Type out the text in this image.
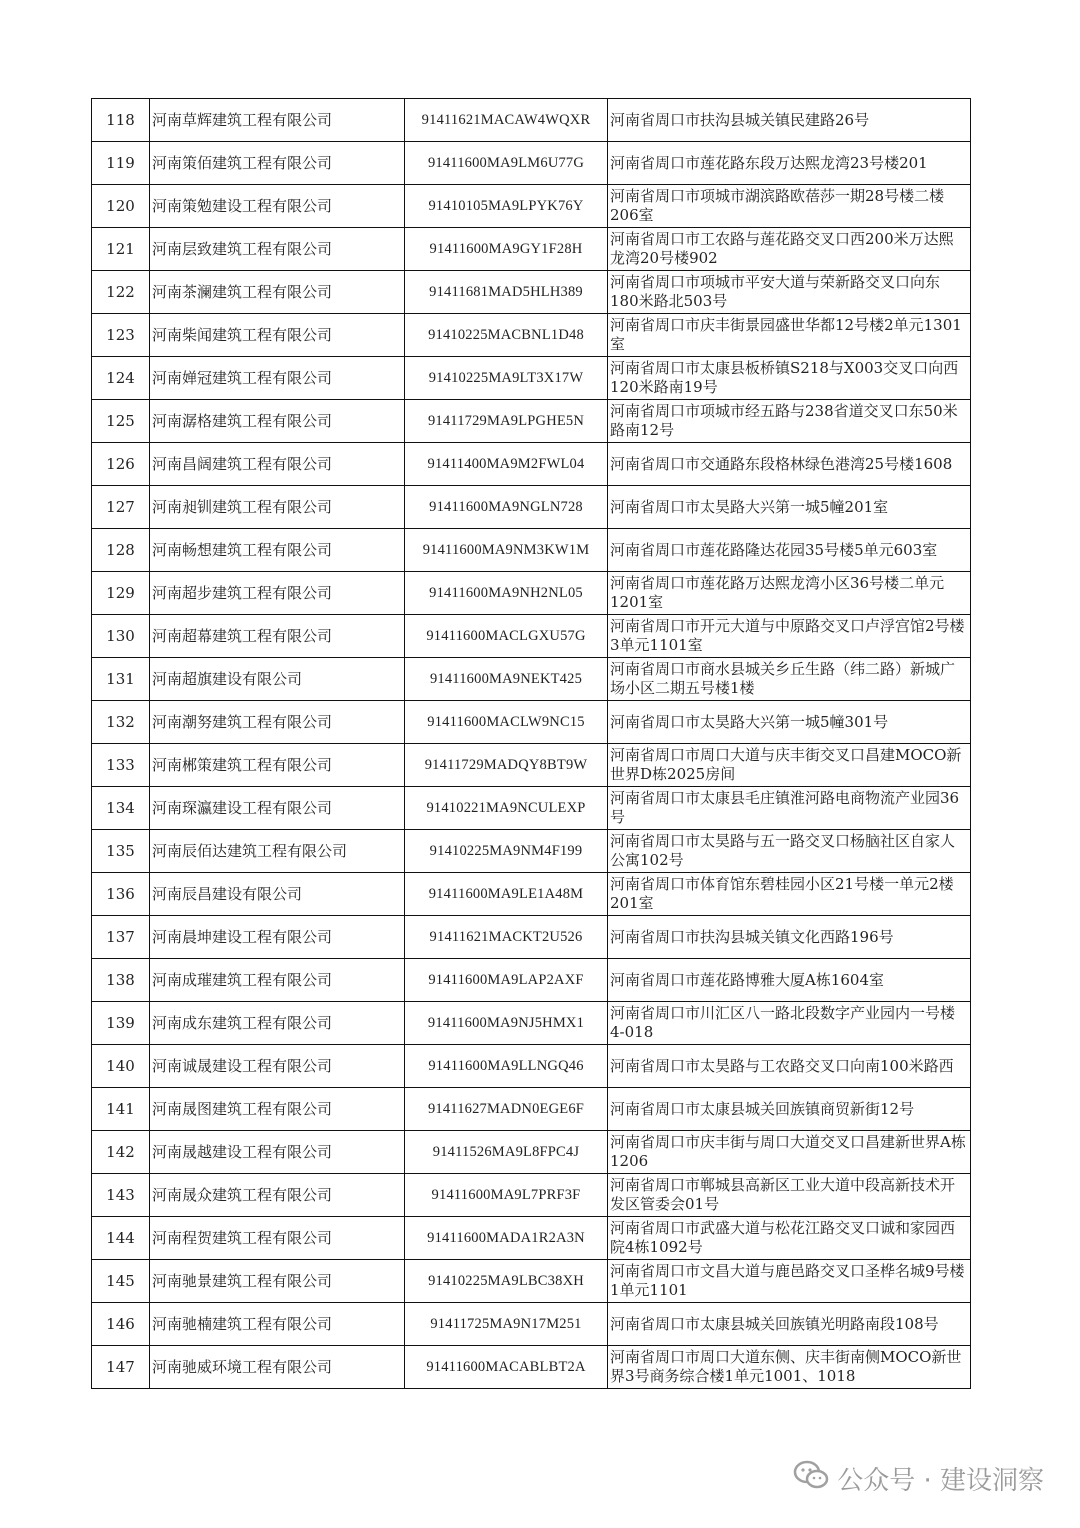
118	河南草辉建筑工程有限公司	91411621MACAW4WQXR	河南省周口市扶沟县城关镇民建路26号
119	河南策佰建筑工程有限公司	91411600MA9LM6U77G	河南省周口市莲花路东段万达熙龙湾23号楼201
120	河南策勉建设工程有限公司	91410105MA9LPYK76Y	河南省周口市项城市湖滨路欧蓓莎一期28号楼二楼206室
121	河南层致建筑工程有限公司	91411600MA9GY1F28H	河南省周口市工农路与莲花路交叉口西200米万达熙龙湾20号楼902
122	河南茶澜建筑工程有限公司	91411681MAD5HLH389	河南省周口市项城市平安大道与荣新路交叉口向东180米路北503号
123	河南柴闻建筑工程有限公司	91410225MACBNL1D48	河南省周口市庆丰街景园盛世华都12号楼2单元1301室
124	河南婵冠建筑工程有限公司	91410225MA9LT3X17W	河南省周口市太康县板桥镇S218与X003交叉口向西120米路南19号
125	河南潺格建筑工程有限公司	91411729MA9LPGHE5N	河南省周口市项城市经五路与238省道交叉口东50米路南12号
126	河南昌阔建筑工程有限公司	91411400MA9M2FWL04	河南省周口市交通路东段格林绿色港湾25号楼1608
127	河南昶钏建筑工程有限公司	91411600MA9NGLN728	河南省周口市太昊路大兴第一城5幢201室
128	河南畅想建筑工程有限公司	91411600MA9NM3KW1M	河南省周口市莲花路隆达花园35号楼5单元603室
129	河南超步建筑工程有限公司	91411600MA9NH2NL05	河南省周口市莲花路万达熙龙湾小区36号楼二单元1201室
130	河南超幕建筑工程有限公司	91411600MACLGXU57G	河南省周口市开元大道与中原路交叉口卢浮宫馆2号楼3单元1101室
131	河南超旗建设有限公司	91411600MA9NEKT425	河南省周口市商水县城关乡丘生路（纬二路）新城广场小区二期五号楼1楼
132	河南潮努建筑工程有限公司	91411600MACLW9NC15	河南省周口市太昊路大兴第一城5幢301号
133	河南郴策建筑工程有限公司	91411729MADQY8BT9W	河南省周口市周口大道与庆丰街交叉口昌建MOCO新世界D栋2025房间
134	河南琛瀛建设工程有限公司	91410221MA9NCULEXP	河南省周口市太康县毛庄镇淮河路电商物流产业园36号
135	河南辰佰达建筑工程有限公司	91410225MA9NM4F199	河南省周口市太昊路与五一路交叉口杨脑社区自家人公寓102号
136	河南辰昌建设有限公司	91411600MA9LE1A48M	河南省周口市体育馆东碧桂园小区21号楼一单元2楼201室
137	河南晨坤建设工程有限公司	91411621MACKT2U526	河南省周口市扶沟县城关镇文化西路196号
138	河南成璀建筑工程有限公司	91411600MA9LAP2AXF	河南省周口市莲花路博雅大厦A栋1604室
139	河南成东建筑工程有限公司	91411600MA9NJ5HMX1	河南省周口市川汇区八一路北段数字产业园内一号楼4-018
140	河南诚晟建设工程有限公司	91411600MA9LLNGQ46	河南省周口市太昊路与工农路交叉口向南100米路西
141	河南晟图建筑工程有限公司	91411627MADN0EGE6F	河南省周口市太康县城关回族镇商贸新街12号
142	河南晟越建设工程有限公司	91411526MA9L8FPC4J	河南省周口市庆丰街与周口大道交叉口昌建新世界A栋1206
143	河南晟众建筑工程有限公司	91411600MA9L7PRF3F	河南省周口市郸城县高新区工业大道中段高新技术开发区管委会01号
144	河南程贺建筑工程有限公司	91411600MADA1R2A3N	河南省周口市武盛大道与松花江路交叉口诚和家园西院4栋1092号
145	河南驰景建筑工程有限公司	91410225MA9LBC38XH	河南省周口市文昌大道与鹿邑路交叉口圣桦名城9号楼1单元1101
146	河南驰楠建筑工程有限公司	91411725MA9N17M251	河南省周口市太康县城关回族镇光明路南段108号
147	河南驰威环境工程有限公司	91411600MACABLBT2A	河南省周口市周口大道东侧、庆丰街南侧MOCO新世界3号商务综合楼1单元1001、1018
公众号 · 建设洞察
